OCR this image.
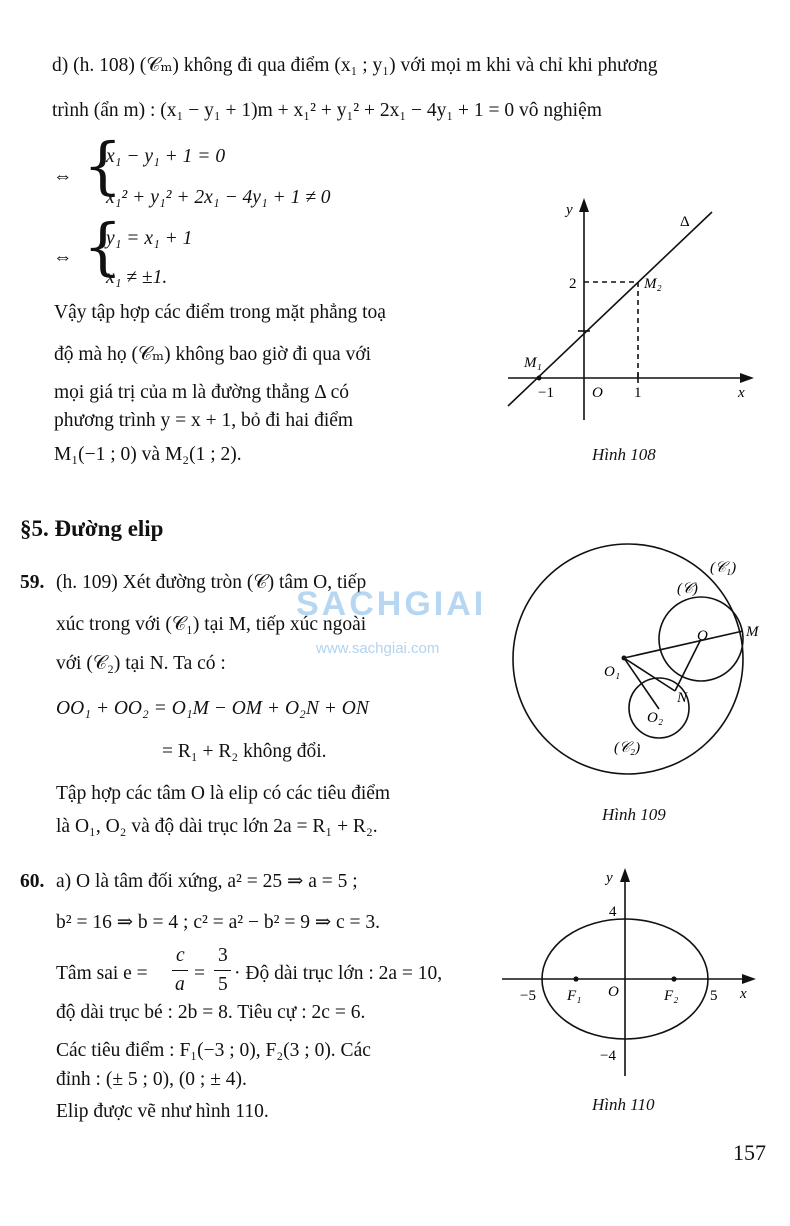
d) (h. 108) (𝒞ₘ) không đi qua điểm (x₁ ; y₁) với mọi m khi và chỉ khi phương
trình (ẩn m) : (x₁ − y₁ + 1)m + x₁² + y₁² + 2x₁ − 4y₁ + 1 = 0 vô nghiệm
⇔ {
x₁ − y₁ + 1 = 0
x₁² + y₁² + 2x₁ − 4y₁ + 1 ≠ 0
⇔ {
y₁ = x₁ + 1
x₁ ≠ ±1.
Vậy tập hợp các điểm trong mặt phẳng toạ
độ mà họ (𝒞ₘ) không bao giờ đi qua với
mọi giá trị của m là đường thẳng Δ có
phương trình y = x + 1, bỏ đi hai điểm
M₁(−1 ; 0) và M₂(1 ; 2).
y
x
Δ
2	M₂
M₁
−1	O 1
Hình 108
§5. Đường elip
59. (h. 109) Xét đường tròn (𝒞) tâm O, tiếp
xúc trong với (𝒞₁) tại M, tiếp xúc ngoài
với (𝒞₂) tại N. Ta có :
OO₁ + OO₂ = O₁M − OM + O₂N + ON
= R₁ + R₂ không đổi.
Tập hợp các tâm O là elip có các tiêu điểm
là O₁, O₂ và độ dài trục lớn 2a = R₁ + R₂.
(𝒞₁)
(𝒞)
O	M
O₁
N
O₂
(𝒞₂)
Hình 109
SACHGIAI
www.sachgiai.com
60. a) O là tâm đối xứng, a² = 25 ⇒ a = 5 ;
b² = 16 ⇒ b = 4 ; c² = a² − b² = 9 ⇒ c = 3.
Tâm sai e =
c
a
=
3
5
· Độ dài trục lớn : 2a = 10,
độ dài trục bé : 2b = 8. Tiêu cự : 2c = 6.
Các tiêu điểm : F₁(−3 ; 0), F₂(3 ; 0). Các
đỉnh : (± 5 ; 0), (0 ; ± 4).
Elip được vẽ như hình 110.
y
4
−5 F₁ O	F₂ 5 x
−4
Hình 110
157
